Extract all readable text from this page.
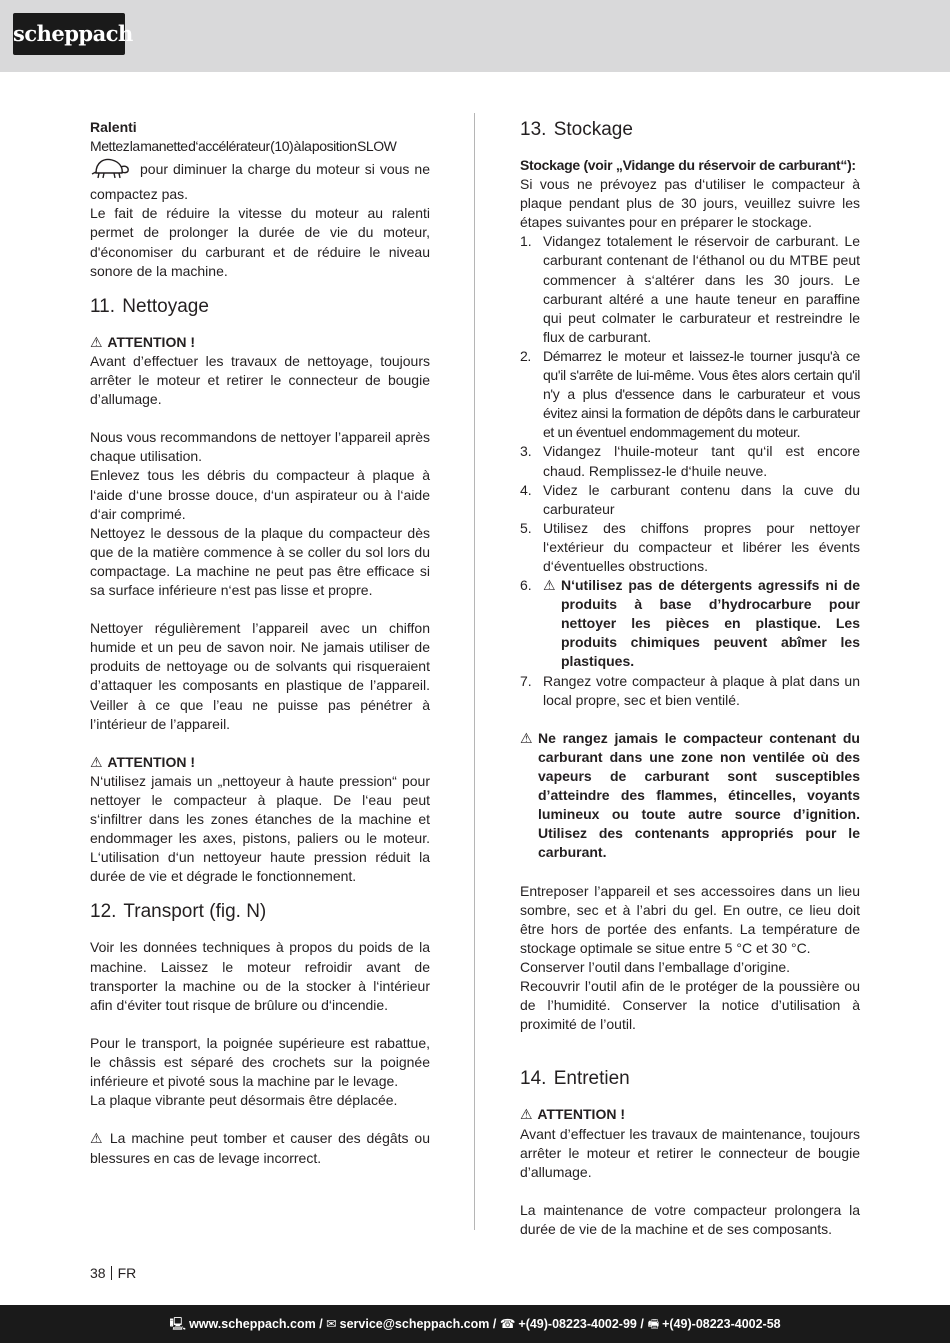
scheppach

Ralenti

Mettez la manette d‘accélérateur (10) à la position SLOW

pour diminuer la charge du moteur si vous ne compactez pas.

Le fait de réduire la vitesse du moteur au ralenti permet de prolonger la durée de vie du moteur, d'économiser du carburant et de réduire le niveau sonore de la machine.

11. Nettoyage

⚠ ATTENTION !

Avant d’effectuer les travaux de nettoyage, toujours arrêter le moteur et retirer le connecteur de bougie d’allumage.

Nous vous recommandons de nettoyer l’appareil après chaque utilisation.

Enlevez tous les débris du compacteur à plaque à l‘aide d‘une brosse douce, d‘un aspirateur ou à l‘aide d‘air comprimé.

Nettoyez le dessous de la plaque du compacteur dès que de la matière commence à se coller du sol lors du compactage. La machine ne peut pas être efficace si sa surface inférieure n‘est pas lisse et propre.

Nettoyer régulièrement l’appareil avec un chiffon humide et un peu de savon noir. Ne jamais utiliser de produits de nettoyage ou de solvants qui risqueraient d’attaquer les composants en plastique de l’appareil. Veiller à ce que l’eau ne puisse pas pénétrer à l’intérieur de l’appareil.

⚠ ATTENTION !

N‘utilisez jamais un „nettoyeur à haute pression“ pour nettoyer le compacteur à plaque. De l‘eau peut s‘infiltrer dans les zones étanches de la machine et endommager les axes, pistons, paliers ou le moteur. L‘utilisation d‘un nettoyeur haute pression réduit la durée de vie et dégrade le fonctionnement.

12. Transport (fig. N)

Voir les données techniques à propos du poids de la machine. Laissez le moteur refroidir avant de transporter la machine ou de la stocker à l‘intérieur afin d‘éviter tout risque de brûlure ou d‘incendie.

Pour le transport, la poignée supérieure est rabattue, le châssis est séparé des crochets sur la poignée inférieure et pivoté sous la machine par le levage.

La plaque vibrante peut désormais être déplacée.

⚠ La machine peut tomber et causer des dégâts ou blessures en cas de levage incorrect.

13. Stockage

Stockage (voir „Vidange du réservoir de carburant“):

Si vous ne prévoyez pas d‘utiliser le compacteur à plaque pendant plus de 30 jours, veuillez suivre les étapes suivantes pour en préparer le stockage.

1. Vidangez totalement le réservoir de carburant. Le carburant contenant de l‘éthanol ou du MTBE peut commencer à s‘altérer dans les 30 jours. Le carburant altéré a une haute teneur en paraffine qui peut colmater le carburateur et restreindre le flux de carburant.
2. Démarrez le moteur et laissez-le tourner jusqu'à ce qu'il s'arrête de lui-même. Vous êtes alors certain qu'il n'y a plus d'essence dans le carburateur et vous évitez ainsi la formation de dépôts dans le carburateur et un éventuel endommagement du moteur.
3. Vidangez l‘huile-moteur tant qu‘il est encore chaud. Remplissez-le d‘huile neuve.
4. Videz le carburant contenu dans la cuve du carburateur
5. Utilisez des chiffons propres pour nettoyer l‘extérieur du compacteur et libérer les évents d‘éventuelles obstructions.
6. ⚠ N‘utilisez pas de détergents agressifs ni de produits à base d’hydrocarbure pour nettoyer les pièces en plastique. Les produits chimiques peuvent abîmer les plastiques.
7. Rangez votre compacteur à plaque à plat dans un local propre, sec et bien ventilé.
⚠ Ne rangez jamais le compacteur contenant du carburant dans une zone non ventilée où des vapeurs de carburant sont susceptibles d’atteindre des flammes, étincelles, voyants lumineux ou toute autre source d’ignition. Utilisez des contenants appropriés pour le carburant.

Entreposer l’appareil et ses accessoires dans un lieu sombre, sec et à l’abri du gel. En outre, ce lieu doit être hors de portée des enfants. La température de stockage optimale se situe entre 5 °C et 30 °C.

Conserver l’outil dans l’emballage d’origine.

Recouvrir l’outil afin de le protéger de la poussière ou de l’humidité. Conserver la notice d’utilisation à proximité de l’outil.

14. Entretien

⚠ ATTENTION !

Avant d’effectuer les travaux de maintenance, toujours arrêter le moteur et retirer le connecteur de bougie d’allumage.

La maintenance de votre compacteur prolongera la durée de vie de la machine et de ses composants.

38 FR
🖳 www.scheppach.com / ✉ service@scheppach.com / ☎ +(49)-08223-4002-99 / 🖷 +(49)-08223-4002-58
